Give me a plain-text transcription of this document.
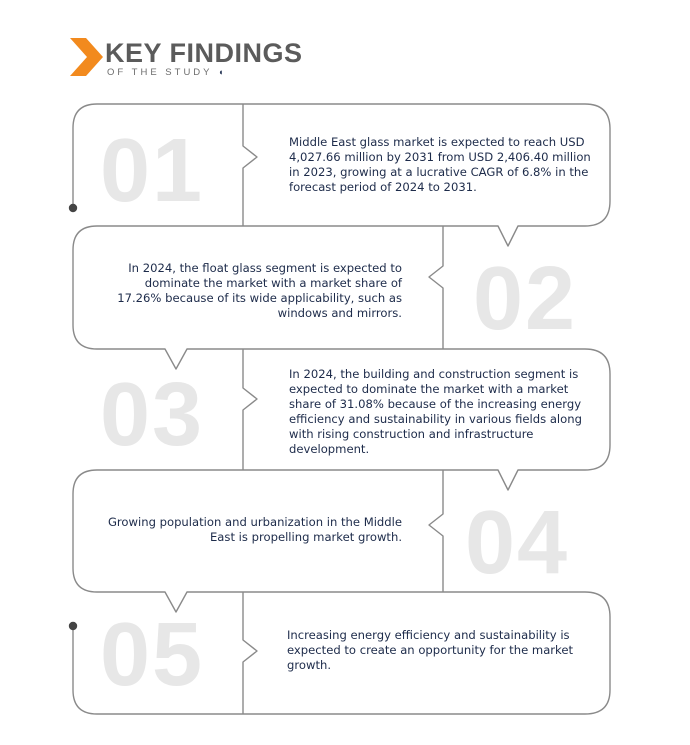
KEY FINDINGS
OF THE STUDY ◖
01	Middle East glass market is expected to reach USD 4,027.66 million by 2031 from USD 2,406.40 million in 2023, growing at a lucrative CAGR of 6.8% in the forecast period of 2024 to 2031.
02
In 2024, the float glass segment is expected to dominate the market with a market share of 17.26% because of its wide applicability, such as windows and mirrors.
03	In 2024, the building and construction segment is expected to dominate the market with a market share of 31.08% because of the increasing energy efficiency and sustainability in various fields along with rising construction and infrastructure development.
04
Growing population and urbanization in the Middle East is propelling market growth.
05	Increasing energy efficiency and sustainability is expected to create an opportunity for the market growth.
